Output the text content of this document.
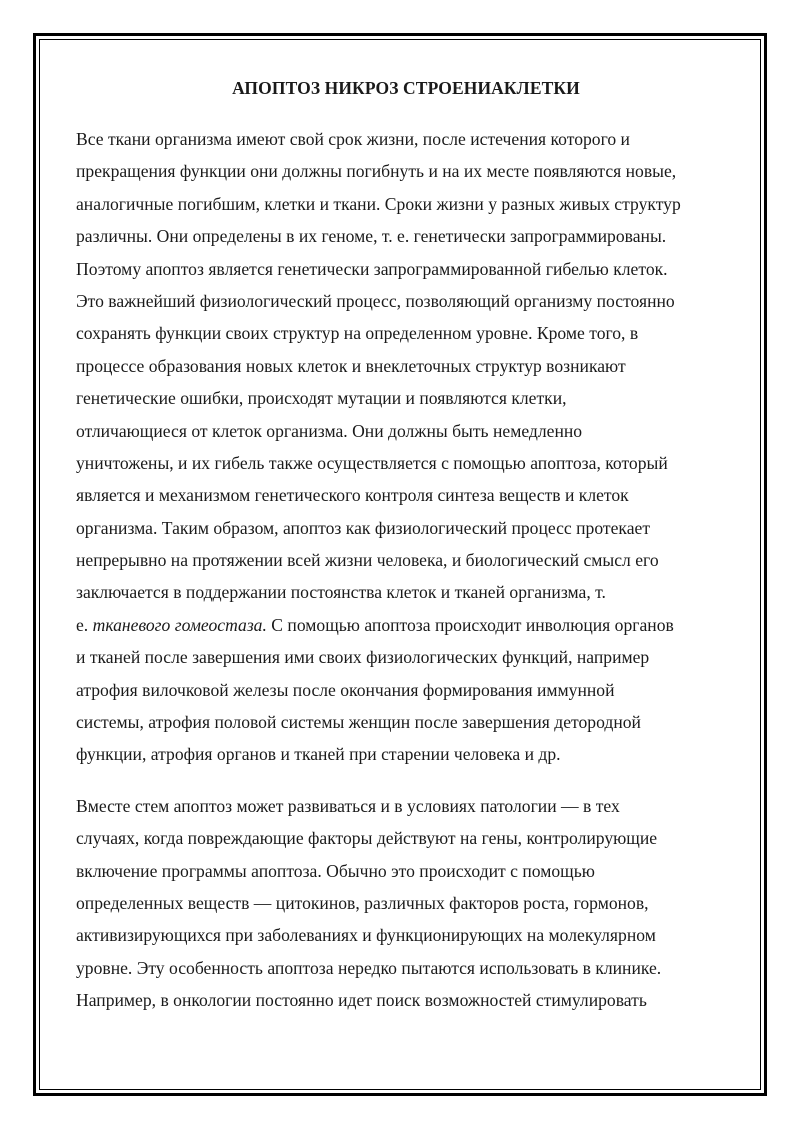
АПОПТОЗ НИКРОЗ СТРОЕНИАКЛЕТКИ

Все ткани организма имеют свой срок жизни, после истечения которого и
прекращения функции они должны погибнуть и на их месте появляются новые,
аналогичные погибшим, клетки и ткани. Сроки жизни у разных живых структур
различны. Они определены в их геноме, т. е. генетически запрограммированы.
Поэтому апоптоз является генетически запрограммированной гибелью клеток.
Это важнейший физиологический процесс, позволяющий организму постоянно
сохранять функции своих структур на определенном уровне. Кроме того, в
процессе образования новых клеток и внеклеточных структур возникают
генетические ошибки, происходят мутации и появляются клетки,
отличающиеся от клеток организма. Они должны быть немедленно
уничтожены, и их гибель также осуществляется с помощью апоптоза, который
является и механизмом генетического контроля синтеза веществ и клеток
организма. Таким образом, апоптоз как физиологический процесс протекает
непрерывно на протяжении всей жизни человека, и биологический смысл его
заключается в поддержании постоянства клеток и тканей организма, т.
е. тканевого гомеостаза. С помощью апоптоза происходит инволюция органов
и тканей после завершения ими своих физиологических функций, например
атрофия вилочковой железы после окончания формирования иммунной
системы, атрофия половой системы женщин после завершения детородной
функции, атрофия органов и тканей при старении человека и др.

Вместе стем апоптоз может развиваться и в условиях патологии — в тех
случаях, когда повреждающие факторы действуют на гены, контролирующие
включение программы апоптоза. Обычно это происходит с помощью
определенных веществ — цитокинов, различных факторов роста, гормонов,
активизирующихся при заболеваниях и функционирующих на молекулярном
уровне. Эту особенность апоптоза нередко пытаются использовать в клинике.
Например, в онкологии постоянно идет поиск возможностей стимулировать
